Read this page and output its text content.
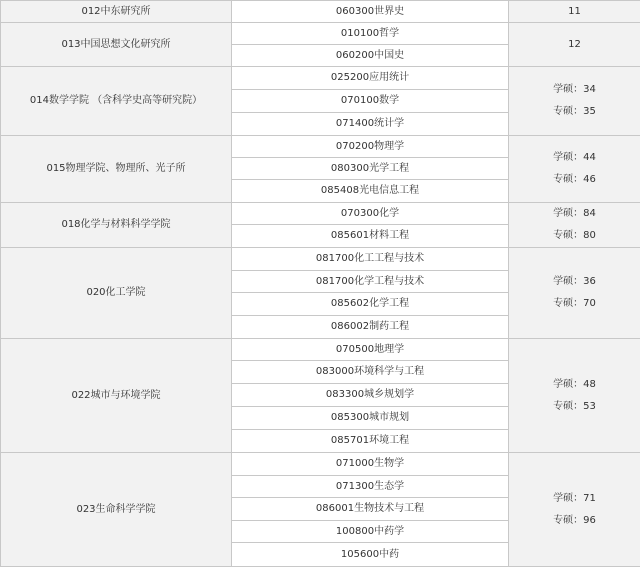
012中东研究所	060300世界史	11
013中国思想文化研究所	010100哲学	12
	060200中国史	
014数学学院 （含科学史高等研究院）	025200应用统计	学硕：34
专硕：35

	070100数学	
	071400统计学	
015物理学院、物理所、光子所	070200物理学	学硕：44
专硕：46

	080300光学工程	
	085408光电信息工程	
018化学与材料科学学院	070300化学	学硕：84
专硕：80

	085601材料工程	
020化工学院	081700化工工程与技术	学硕：36
专硕：70

	081700化学工程与技术	
	085602化学工程	
	086002制药工程	
022城市与环境学院	070500地理学	学硕：48
专硕：53

	083000环境科学与工程	
	083300城乡规划学	
	085300城市规划	
	085701环境工程	
023生命科学学院	071000生物学	学硕：71
专硕：96

	071300生态学	
	086001生物技术与工程	
	100800中药学	
	105600中药	
